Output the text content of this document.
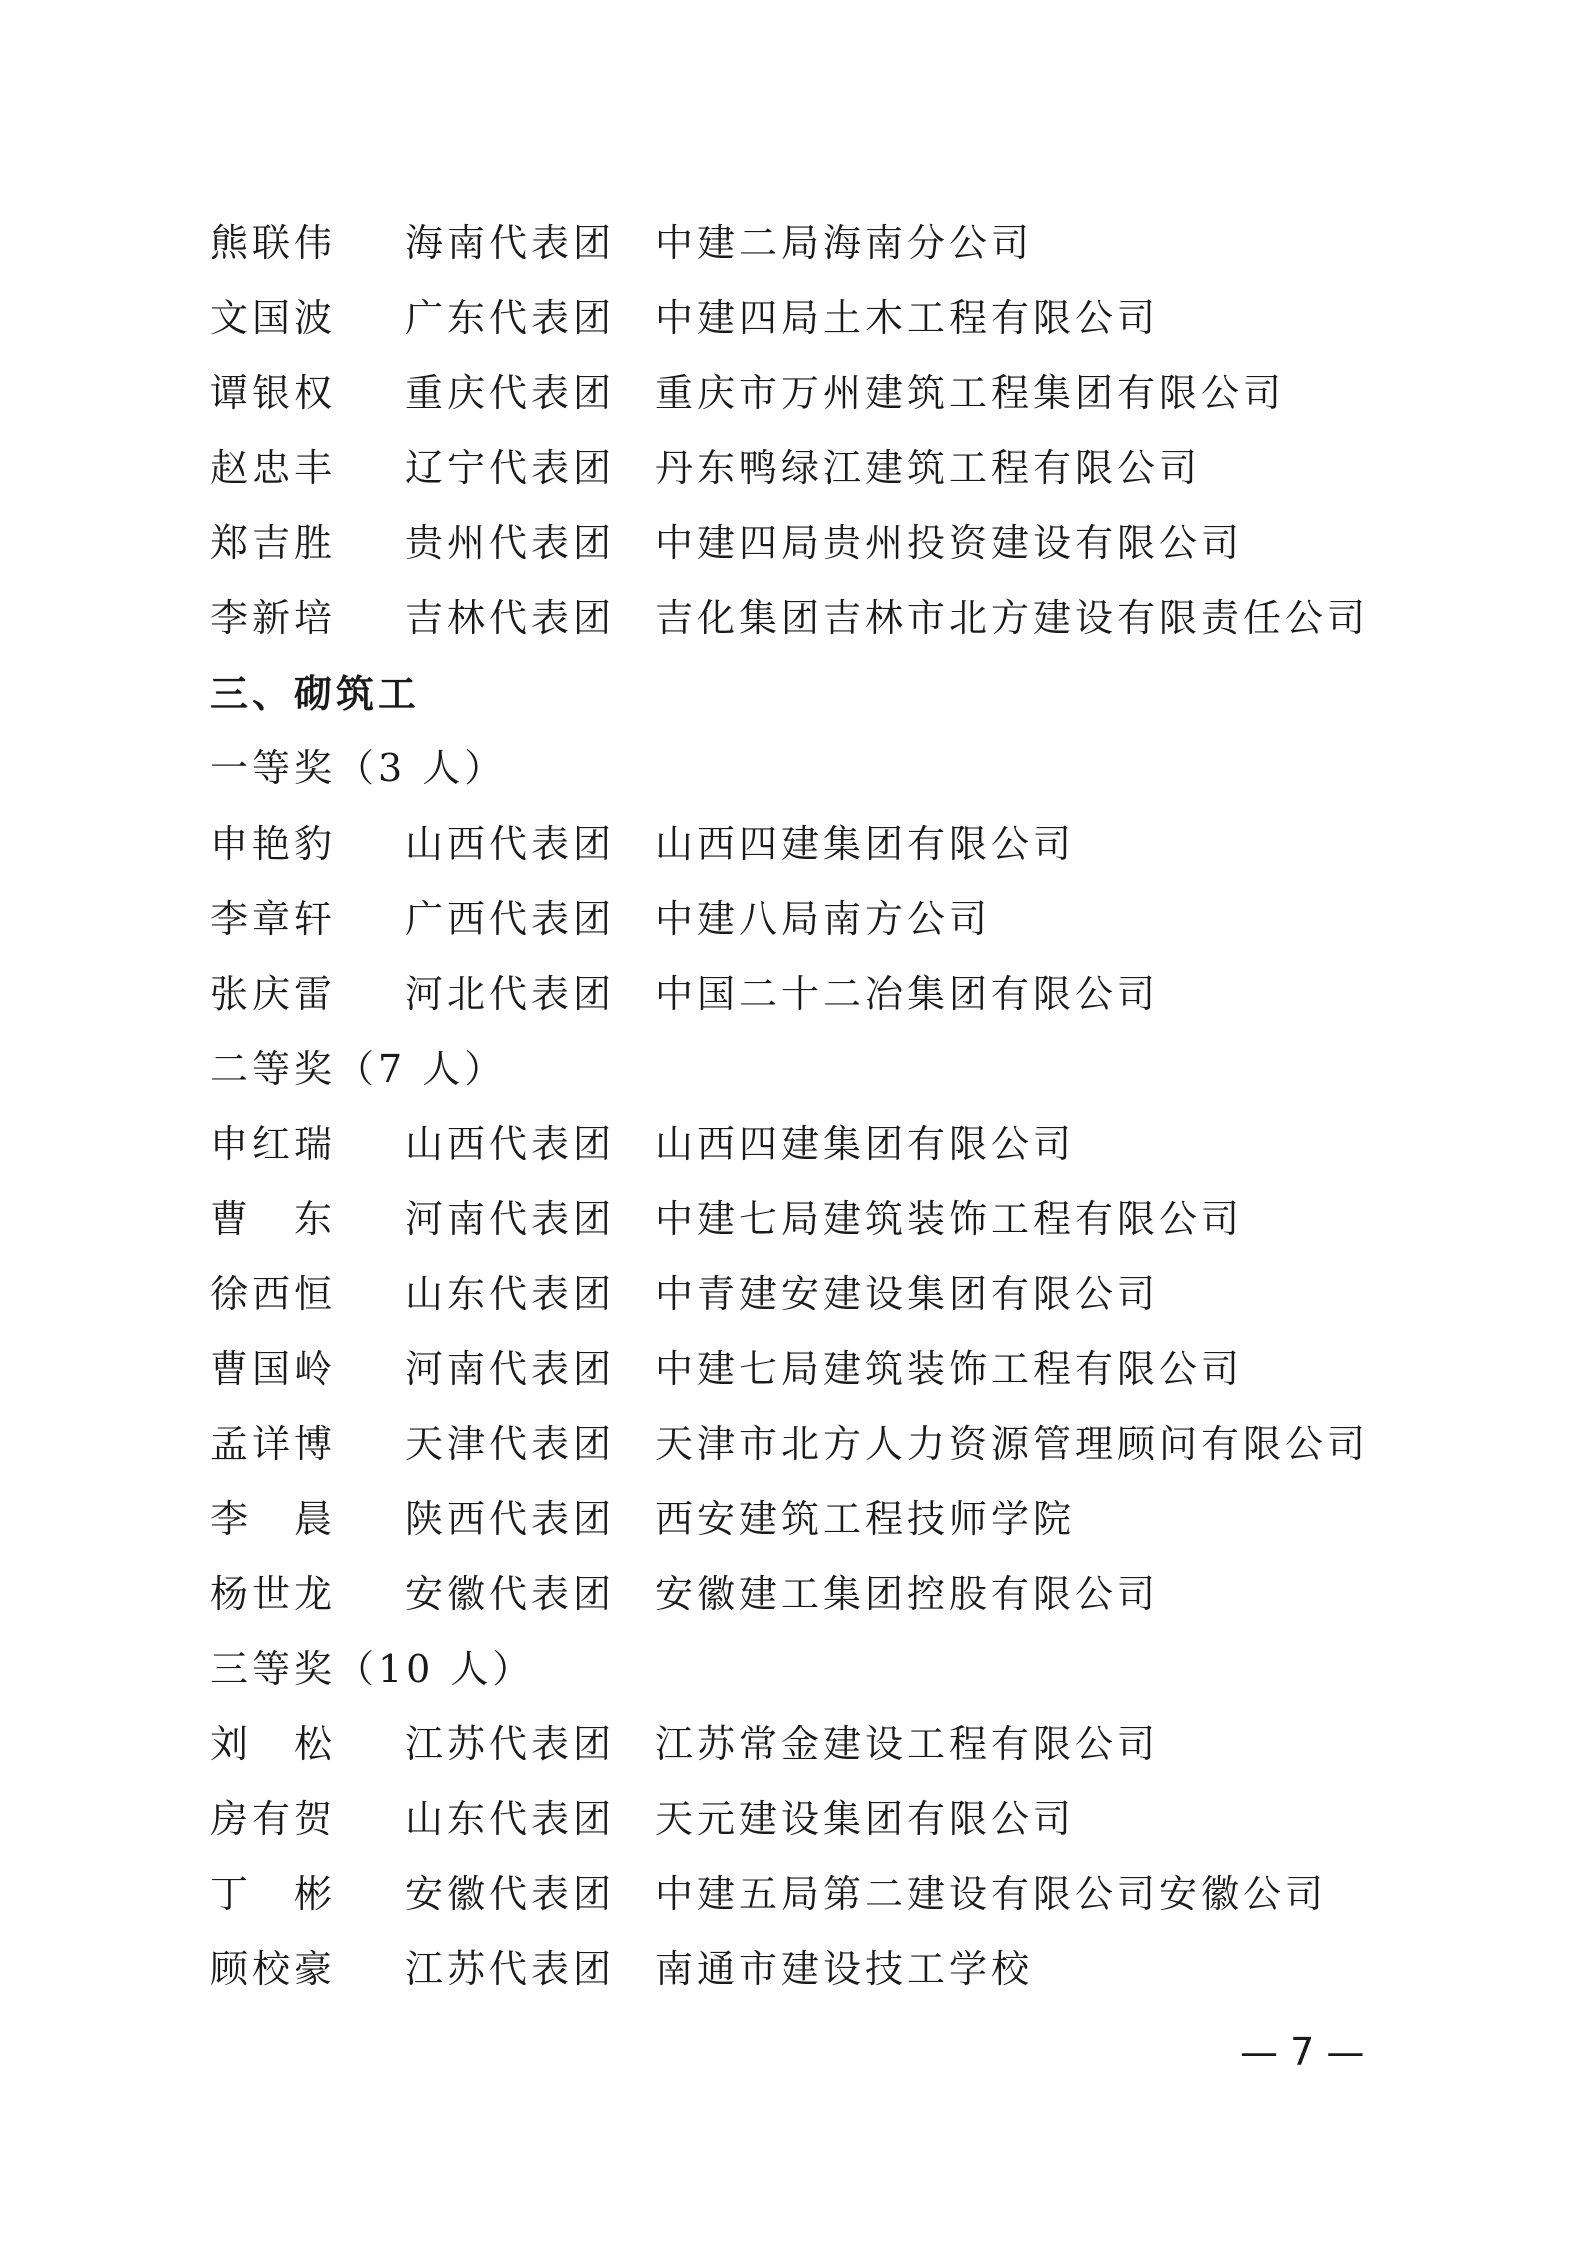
熊联伟 海南代表团 中建二局海南分公司
文国波 广东代表团 中建四局土木工程有限公司
谭银权 重庆代表团 重庆市万州建筑工程集团有限公司
赵忠丰 辽宁代表团 丹东鸭绿江建筑工程有限公司
郑吉胜 贵州代表团 中建四局贵州投资建设有限公司
李新培 吉林代表团 吉化集团吉林市北方建设有限责任公司
三、砌筑工
一等奖（3 人）
申艳豹 山西代表团 山西四建集团有限公司
李章轩 广西代表团 中建八局南方公司
张庆雷 河北代表团 中国二十二冶集团有限公司
二等奖（7 人）
申红瑞 山西代表团 山西四建集团有限公司
曹　东 河南代表团 中建七局建筑装饰工程有限公司
徐西恒 山东代表团 中青建安建设集团有限公司
曹国岭 河南代表团 中建七局建筑装饰工程有限公司
孟详博 天津代表团 天津市北方人力资源管理顾问有限公司
李　晨 陕西代表团 西安建筑工程技师学院
杨世龙 安徽代表团 安徽建工集团控股有限公司
三等奖（10 人）
刘　松 江苏代表团 江苏常金建设工程有限公司
房有贺 山东代表团 天元建设集团有限公司
丁　彬 安徽代表团 中建五局第二建设有限公司安徽公司
顾校豪 江苏代表团 南通市建设技工学校
— 7 —
